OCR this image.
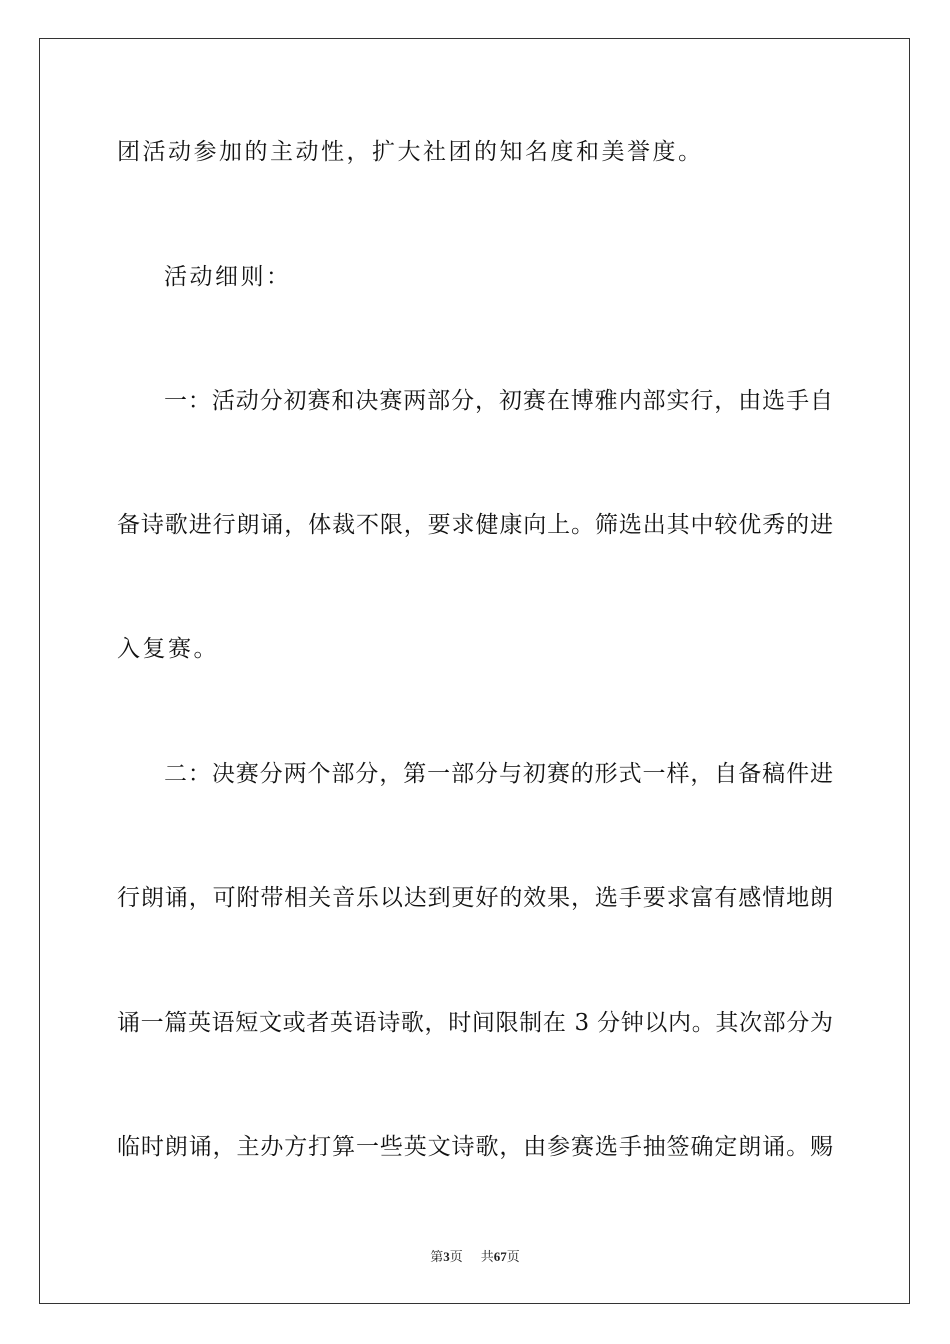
团活动参加的主动性，扩大社团的知名度和美誉度。
活动细则：
一：活动分初赛和决赛两部分，初赛在博雅内部实行，由选手自
备诗歌进行朗诵，体裁不限，要求健康向上。筛选出其中较优秀的进
入复赛。
二：决赛分两个部分，第一部分与初赛的形式一样，自备稿件进
行朗诵，可附带相关音乐以达到更好的效果，选手要求富有感情地朗
诵一篇英语短文或者英语诗歌，时间限制在 3 分钟以内。其次部分为
临时朗诵，主办方打算一些英文诗歌，由参赛选手抽签确定朗诵。赐
第3页 共67页
